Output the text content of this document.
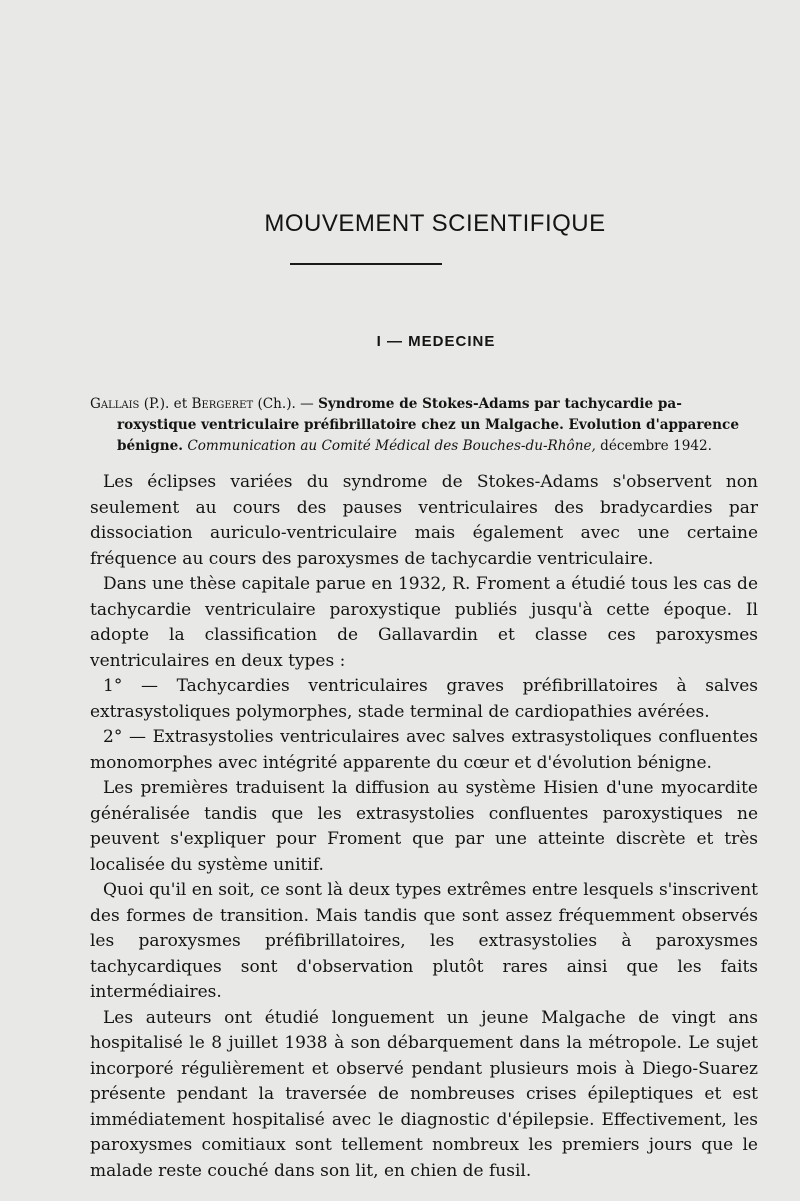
MOUVEMENT SCIENTIFIQUE
I — MEDECINE
Gallais (P.). et Bergeret (Ch.). — Syndrome de Stokes-Adams par tachycardie pa-
roxystique ventriculaire préfibrillatoire chez un Malgache. Evolution d'apparence
bénigne. Communication au Comité Médical des Bouches-du-Rhône, décembre 1942.

Les éclipses variées du syndrome de Stokes-Adams s'observent non seulement au cours des pauses ventriculaires des bradycardies par dissociation auriculo-ventriculaire mais également avec une certaine fréquence au cours des paroxysmes de tachycardie ventriculaire.

Dans une thèse capitale parue en 1932, R. Froment a étudié tous les cas de tachycardie ventriculaire paroxystique publiés jusqu'à cette époque. Il adopte la classification de Gallavardin et classe ces paroxysmes ventriculaires en deux types :

1° — Tachycardies ventriculaires graves préfibrillatoires à salves extrasystoliques polymorphes, stade terminal de cardiopathies avérées.

2° — Extrasystolies ventriculaires avec salves extrasystoliques confluentes monomorphes avec intégrité apparente du cœur et d'évolution bénigne.

Les premières traduisent la diffusion au système Hisien d'une myocardite généralisée tandis que les extrasystolies confluentes paroxystiques ne peuvent s'expliquer pour Froment que par une atteinte discrète et très localisée du système unitif.

Quoi qu'il en soit, ce sont là deux types extrêmes entre lesquels s'inscrivent des formes de transition. Mais tandis que sont assez fréquemment observés les paroxysmes préfibrillatoires, les extrasystolies à paroxysmes tachycardiques sont d'observation plutôt rares ainsi que les faits intermédiaires.

Les auteurs ont étudié longuement un jeune Malgache de vingt ans hospitalisé le 8 juillet 1938 à son débarquement dans la métropole. Le sujet incorporé régulièrement et observé pendant plusieurs mois à Diego-Suarez présente pendant la traversée de nombreuses crises épileptiques et est immédiatement hospitalisé avec le diagnostic d'épilepsie. Effectivement, les paroxysmes comitiaux sont tellement nombreux les premiers jours que le malade reste couché dans son lit, en chien de fusil.
